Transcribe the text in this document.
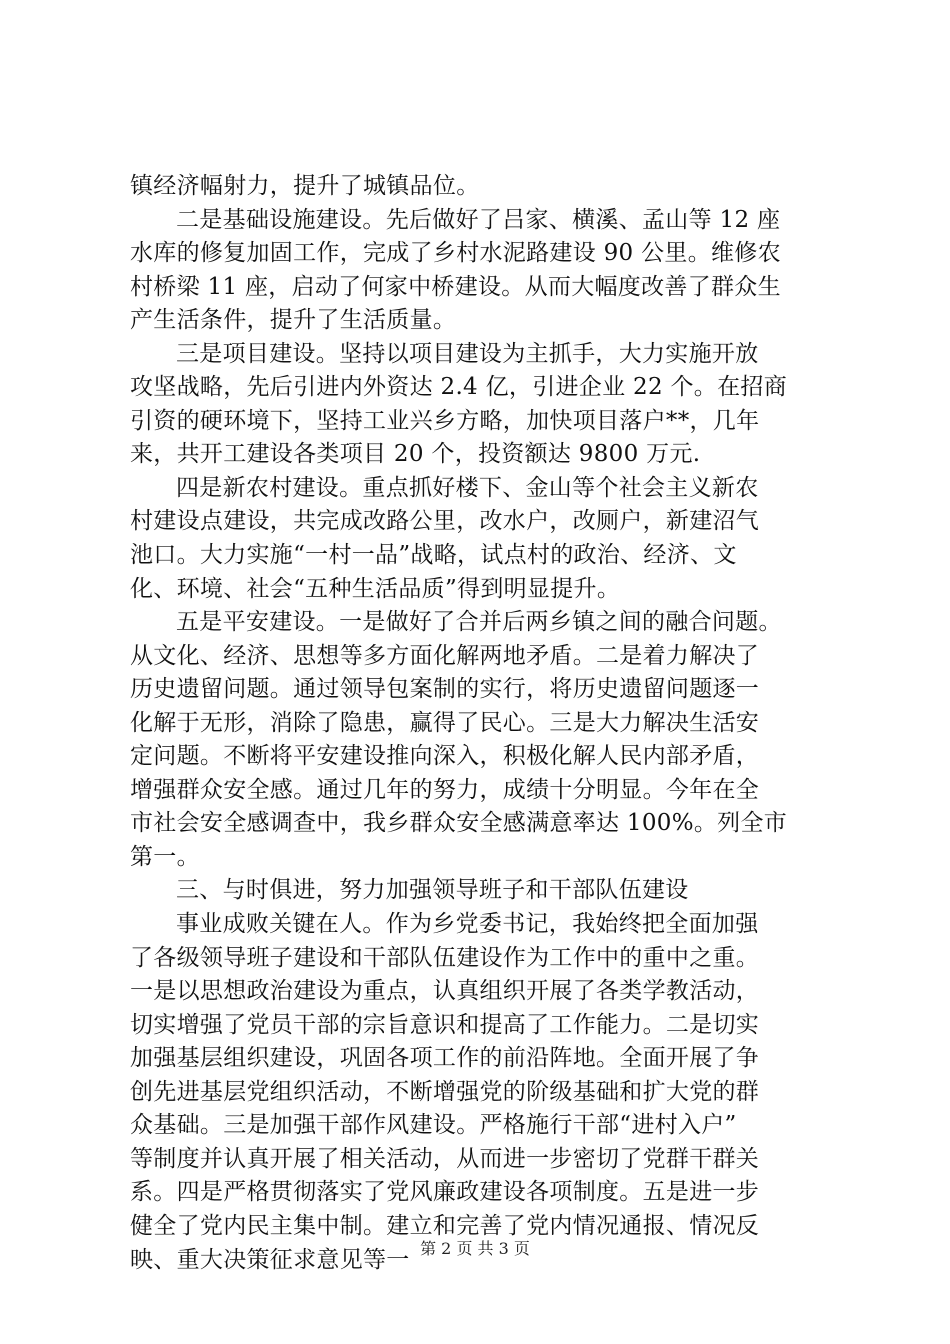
镇经济幅射力，提升了城镇品位。
二是基础设施建设。先后做好了吕家、横溪、孟山等 12 座
水库的修复加固工作，完成了乡村水泥路建设 90 公里。维修农
村桥梁 11 座，启动了何家中桥建设。从而大幅度改善了群众生
产生活条件，提升了生活质量。
三是项目建设。坚持以项目建设为主抓手，大力实施开放
攻坚战略，先后引进内外资达 2.4 亿，引进企业 22 个。在招商
引资的硬环境下，坚持工业兴乡方略，加快项目落户**，几年
来，共开工建设各类项目 20 个，投资额达 9800 万元.
四是新农村建设。重点抓好楼下、金山等个社会主义新农
村建设点建设，共完成改路公里，改水户，改厕户，新建沼气
池口。大力实施“一村一品”战略，试点村的政治、经济、文
化、环境、社会“五种生活品质”得到明显提升。
五是平安建设。一是做好了合并后两乡镇之间的融合问题。
从文化、经济、思想等多方面化解两地矛盾。二是着力解决了
历史遗留问题。通过领导包案制的实行，将历史遗留问题逐一
化解于无形，消除了隐患，赢得了民心。三是大力解决生活安
定问题。不断将平安建设推向深入，积极化解人民内部矛盾，
增强群众安全感。通过几年的努力，成绩十分明显。今年在全
市社会安全感调查中，我乡群众安全感满意率达 100%。列全市
第一。
三、与时俱进，努力加强领导班子和干部队伍建设
事业成败关键在人。作为乡党委书记，我始终把全面加强
了各级领导班子建设和干部队伍建设作为工作中的重中之重。
一是以思想政治建设为重点，认真组织开展了各类学教活动，
切实增强了党员干部的宗旨意识和提高了工作能力。二是切实
加强基层组织建设，巩固各项工作的前沿阵地。全面开展了争
创先进基层党组织活动，不断增强党的阶级基础和扩大党的群
众基础。三是加强干部作风建设。严格施行干部“进村入户”
等制度并认真开展了相关活动，从而进一步密切了党群干群关
系。四是严格贯彻落实了党风廉政建设各项制度。五是进一步
健全了党内民主集中制。建立和完善了党内情况通报、情况反
映、重大决策征求意见等一 第 2 页 共 3 页
